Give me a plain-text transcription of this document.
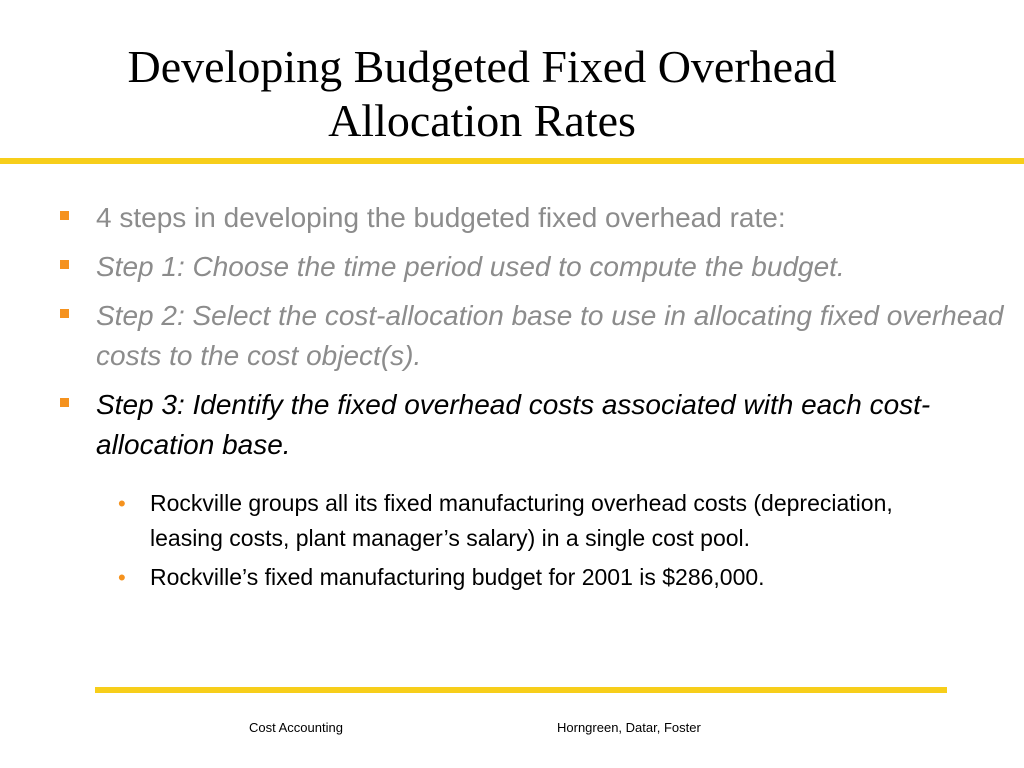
Developing Budgeted Fixed Overhead
Allocation Rates
4 steps in developing the budgeted fixed overhead rate:
Step 1: Choose the time period used to compute the budget.
Step 2: Select the cost-allocation base to use in allocating fixed overhead costs to the cost object(s).
Step 3: Identify the fixed overhead costs associated with each cost-allocation base.
• Rockville groups all its fixed manufacturing overhead costs (depreciation, leasing costs, plant manager’s salary) in a single cost pool.
• Rockville’s fixed manufacturing budget for 2001 is $286,000.
Cost Accounting	Horngreen, Datar, Foster
